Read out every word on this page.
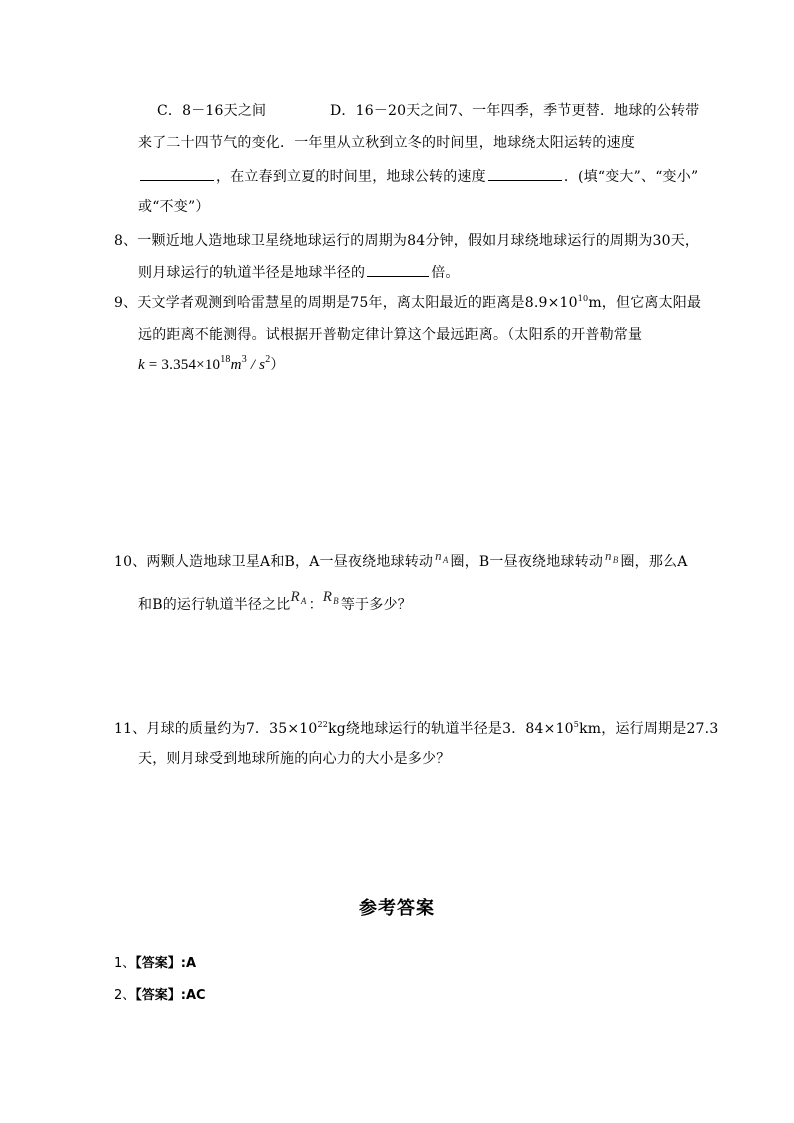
C．8－16天之间	D．16－20天之间7、一年四季，季节更替．地球的公转带
来了二十四节气的变化．一年里从立秋到立冬的时间里，地球绕太阳运转的速度
，在立春到立夏的时间里，地球公转的速度	．(填“变大”、“变小”
或“不变”）
8、一颗近地人造地球卫星绕地球运行的周期为84分钟，假如月球绕地球运行的周期为30天，
则月球运行的轨道半径是地球半径的	倍。
9、天文学者观测到哈雷慧星的周期是75年，离太阳最近的距离是$8.9\times 10^{10}m$，但它离太阳最
远的距离不能测得。试根据开普勒定律计算这个最远距离。（太阳系的开普勒常量
$k = 3.354\times 10^{18}m^3 / s^2$）
10、两颗人造地球卫星A和B，A一昼夜绕地球转动 $n_A$ 圈，B一昼夜绕地球转动 $n_B$ 圈，那么A
和B的运行轨道半径之比$R_A$ ：$R_B$ 等于多少？
11、月球的质量约为7．$35\times 10^{22}kg$绕地球运行的轨道半径是3．$84\times 10^5km$，运行周期是27.3
天，则月球受到地球所施的向心力的大小是多少？
参考答案
1、【答案】:A
2、【答案】:AC
